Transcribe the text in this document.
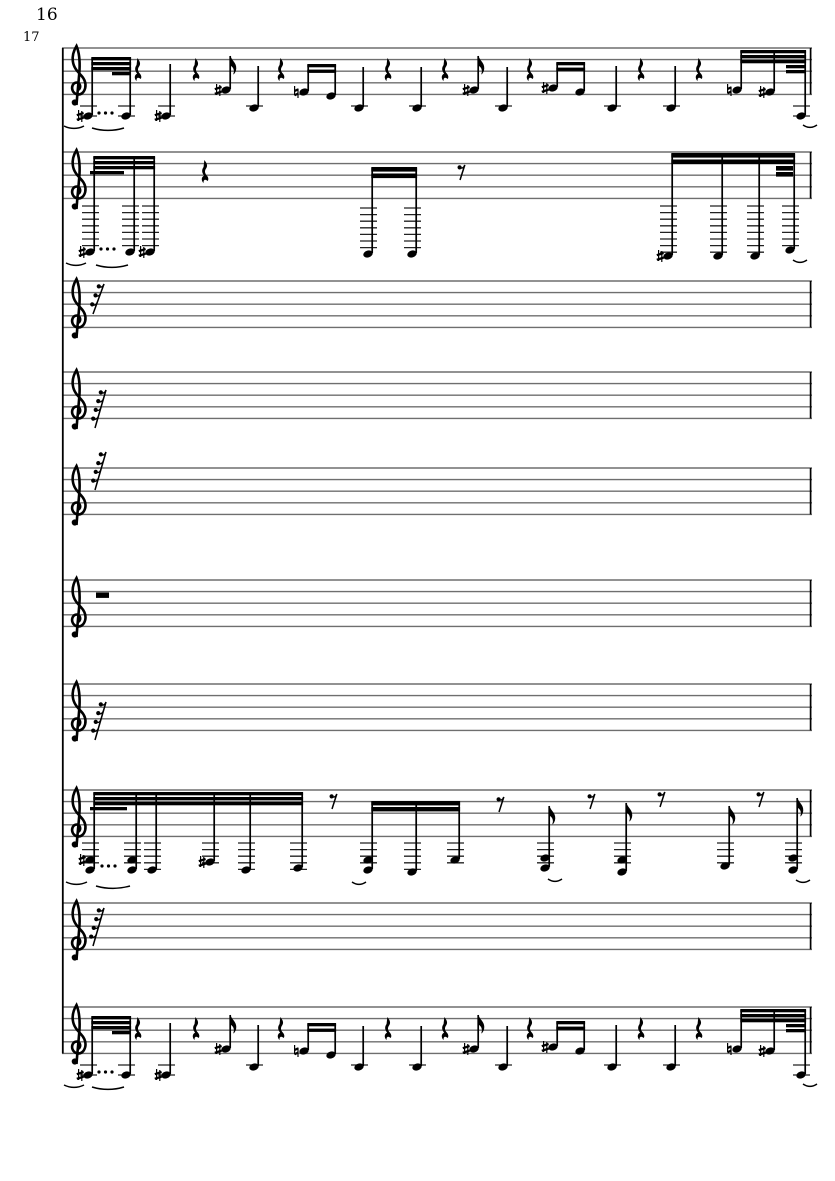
16
17
